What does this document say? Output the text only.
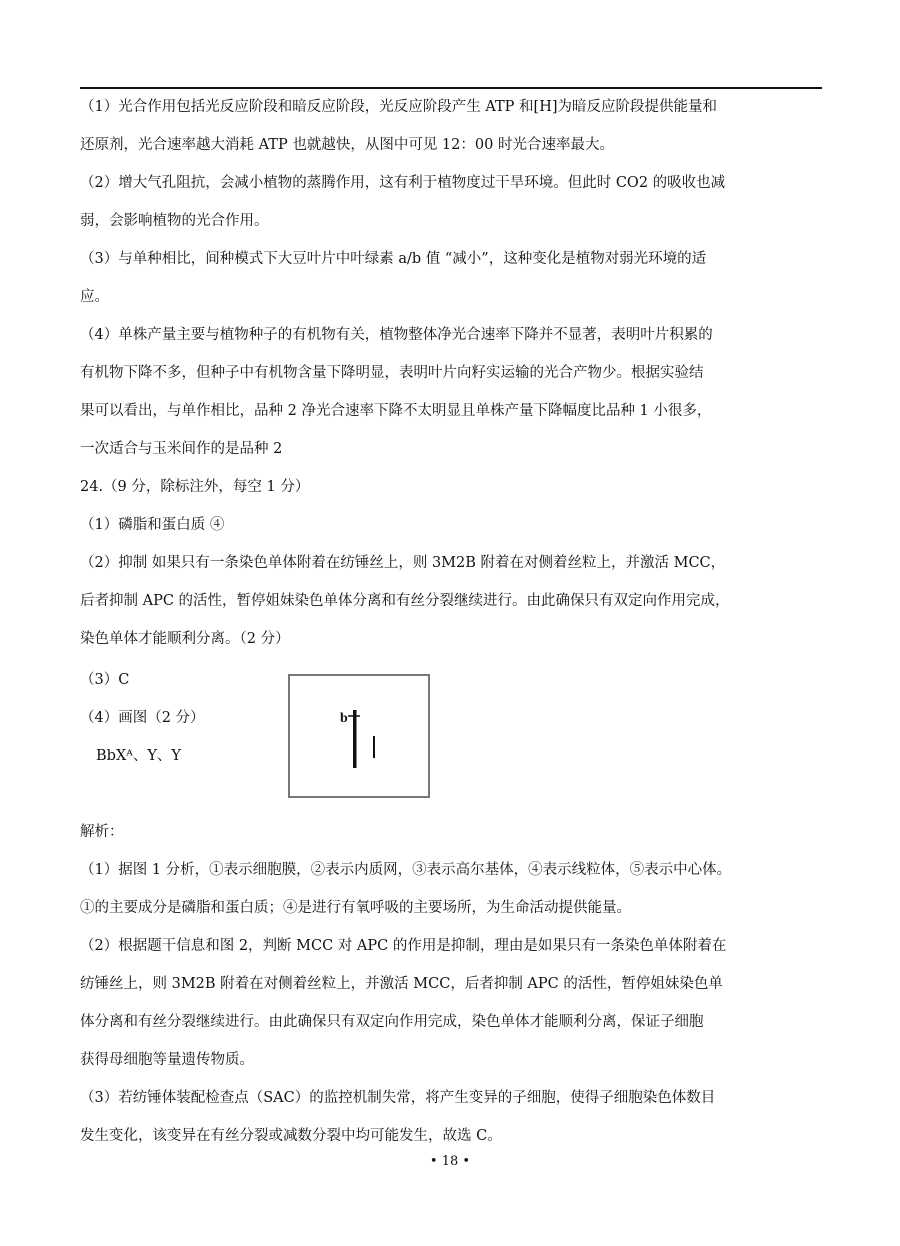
（1）光合作用包括光反应阶段和暗反应阶段，光反应阶段产生 ATP 和[H]为暗反应阶段提供能量和
还原剂，光合速率越大消耗 ATP 也就越快，从图中可见 12：00 时光合速率最大。
（2）增大气孔阻抗，会减小植物的蒸腾作用，这有利于植物度过干旱环境。但此时 CO2 的吸收也减
弱，会影响植物的光合作用。
（3）与单种相比，间种模式下大豆叶片中叶绿素 a/b 值 “减小”，这种变化是植物对弱光环境的适
应。
（4）单株产量主要与植物种子的有机物有关，植物整体净光合速率下降并不显著，表明叶片积累的
有机物下降不多，但种子中有机物含量下降明显，表明叶片向籽实运输的光合产物少。根据实验结
果可以看出，与单作相比，品种 2 净光合速率下降不太明显且单株产量下降幅度比品种 1 小很多，
一次适合与玉米间作的是品种 2
24.（9 分，除标注外，每空 1 分）
（1）磷脂和蛋白质 ④
（2）抑制 如果只有一条染色单体附着在纺锤丝上，则 3M2B 附着在对侧着丝粒上，并激活 MCC，
后者抑制 APC 的活性，暂停姐妹染色单体分离和有丝分裂继续进行。由此确保只有双定向作用完成，
染色单体才能顺利分离。（2 分）
（3）C
（4）画图（2 分）
BbXᴬ、Y、Y
b
解析：
（1）据图 1 分析，①表示细胞膜，②表示内质网，③表示高尔基体，④表示线粒体，⑤表示中心体。
①的主要成分是磷脂和蛋白质；④是进行有氧呼吸的主要场所，为生命活动提供能量。
（2）根据题干信息和图 2，判断 MCC 对 APC 的作用是抑制，理由是如果只有一条染色单体附着在
纺锤丝上，则 3M2B 附着在对侧着丝粒上，并激活 MCC，后者抑制 APC 的活性，暂停姐妹染色单
体分离和有丝分裂继续进行。由此确保只有双定向作用完成，染色单体才能顺利分离，保证子细胞
获得母细胞等量遗传物质。
（3）若纺锤体装配检查点（SAC）的监控机制失常，将产生变异的子细胞，使得子细胞染色体数目
发生变化，该变异在有丝分裂或减数分裂中均可能发生，故选 C。
• 18 •
